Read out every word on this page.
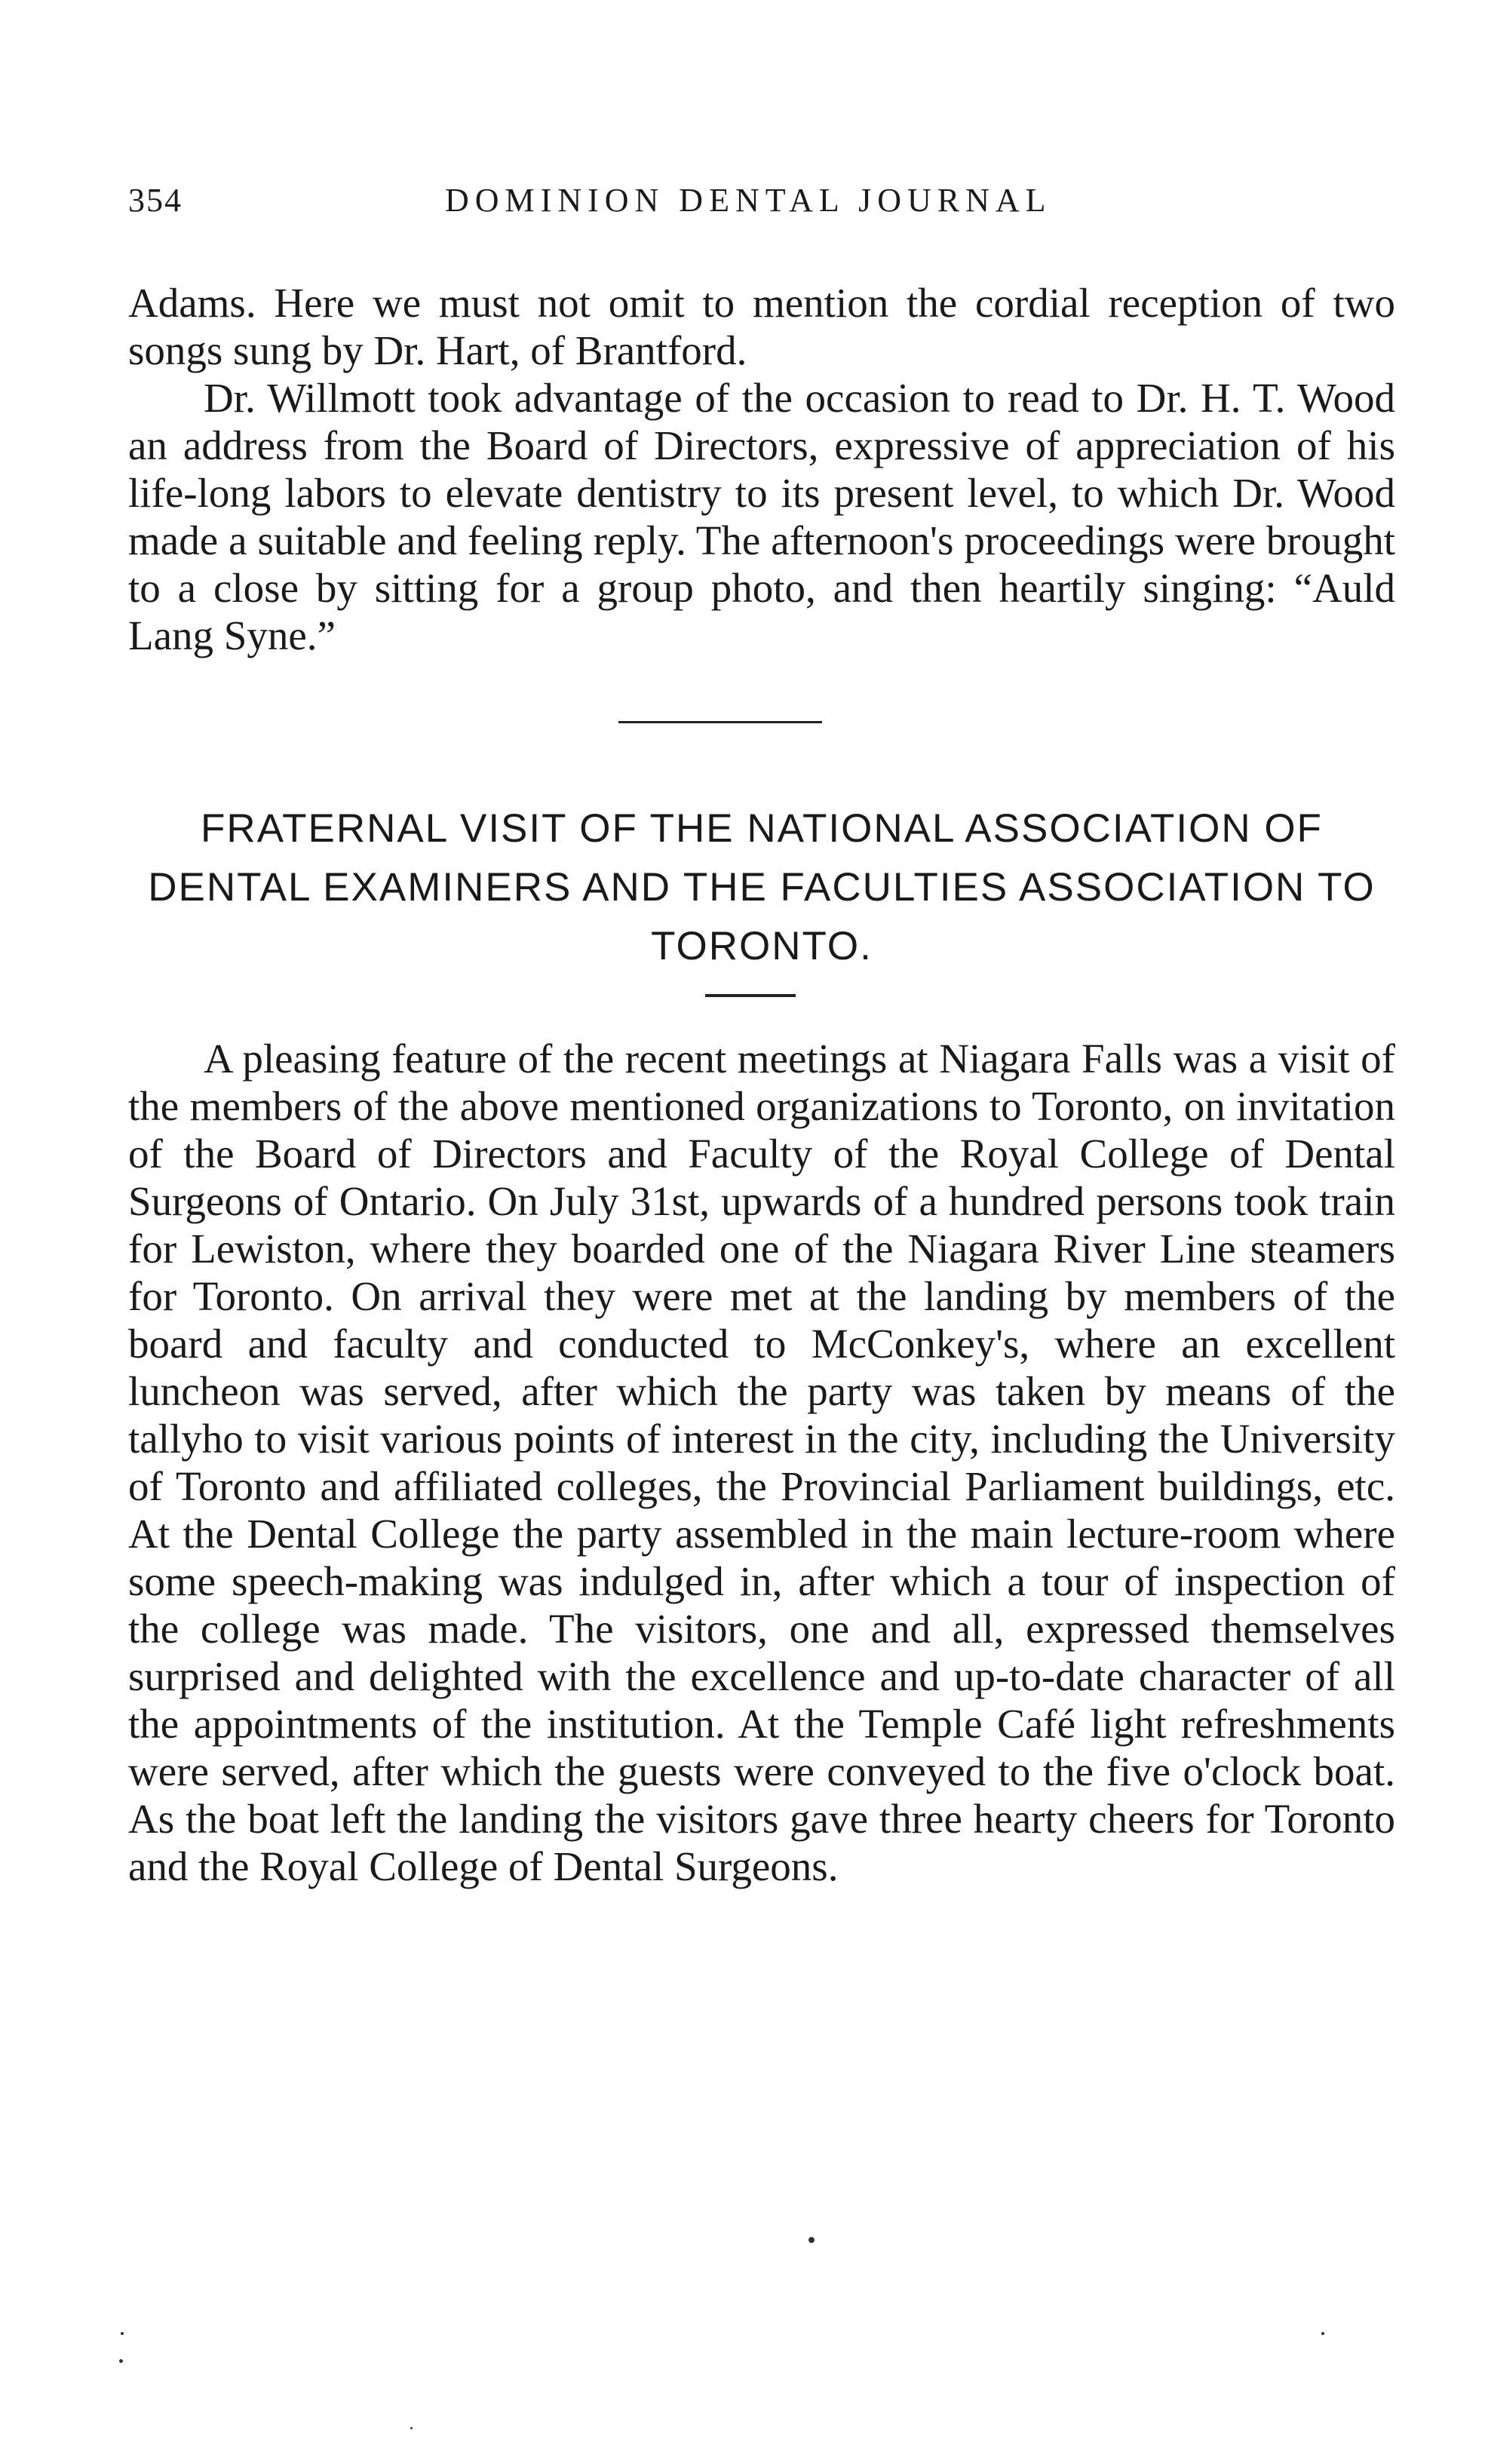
354	DOMINION DENTAL JOURNAL

Adams. Here we must not omit to mention the cordial reception of two songs sung by Dr. Hart, of Brantford.

Dr. Willmott took advantage of the occasion to read to Dr. H. T. Wood an address from the Board of Directors, expressive of appreciation of his life-long labors to elevate dentistry to its present level, to which Dr. Wood made a suitable and feeling reply. The afternoon's proceedings were brought to a close by sitting for a group photo, and then heartily singing: “Auld Lang Syne.”

FRATERNAL VISIT OF THE NATIONAL ASSOCIATION OF DENTAL EXAMINERS AND THE FACULTIES ASSOCIATION TO TORONTO.

A pleasing feature of the recent meetings at Niagara Falls was a visit of the members of the above mentioned organizations to Toronto, on invitation of the Board of Directors and Faculty of the Royal College of Dental Surgeons of Ontario. On July 31st, upwards of a hundred persons took train for Lewiston, where they boarded one of the Niagara River Line steamers for Toronto. On arrival they were met at the landing by members of the board and faculty and conducted to McConkey's, where an excellent luncheon was served, after which the party was taken by means of the tallyho to visit various points of interest in the city, including the University of Toronto and affiliated colleges, the Provincial Parliament buildings, etc. At the Dental College the party assembled in the main lecture-room where some speech-making was indulged in, after which a tour of inspection of the college was made. The visitors, one and all, expressed themselves surprised and delighted with the excellence and up-to-date character of all the appointments of the institution. At the Temple Café light refreshments were served, after which the guests were conveyed to the five o'clock boat. As the boat left the landing the visitors gave three hearty cheers for Toronto and the Royal College of Dental Surgeons.
